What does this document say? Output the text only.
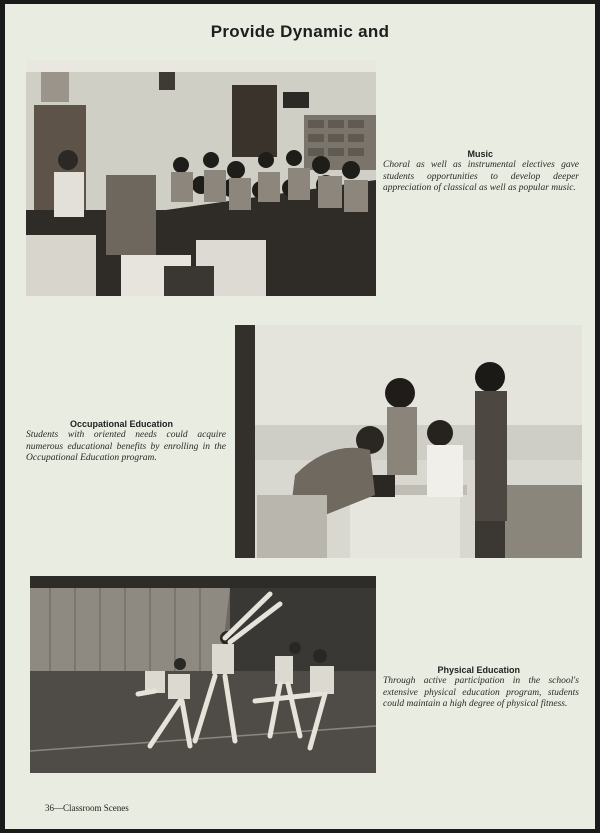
Provide Dynamic and
Music
Choral as well as instrumental electives gave students opportunities to develop deeper appreciation of classical as well as popular music.
Occupational Education
Students with oriented needs could acquire numerous educational benefits by enrolling in the Occupational Education program.
Physical Education
Through active participation in the school's extensive physical education program, students could maintain a high degree of physical fitness.
36—Classroom Scenes
